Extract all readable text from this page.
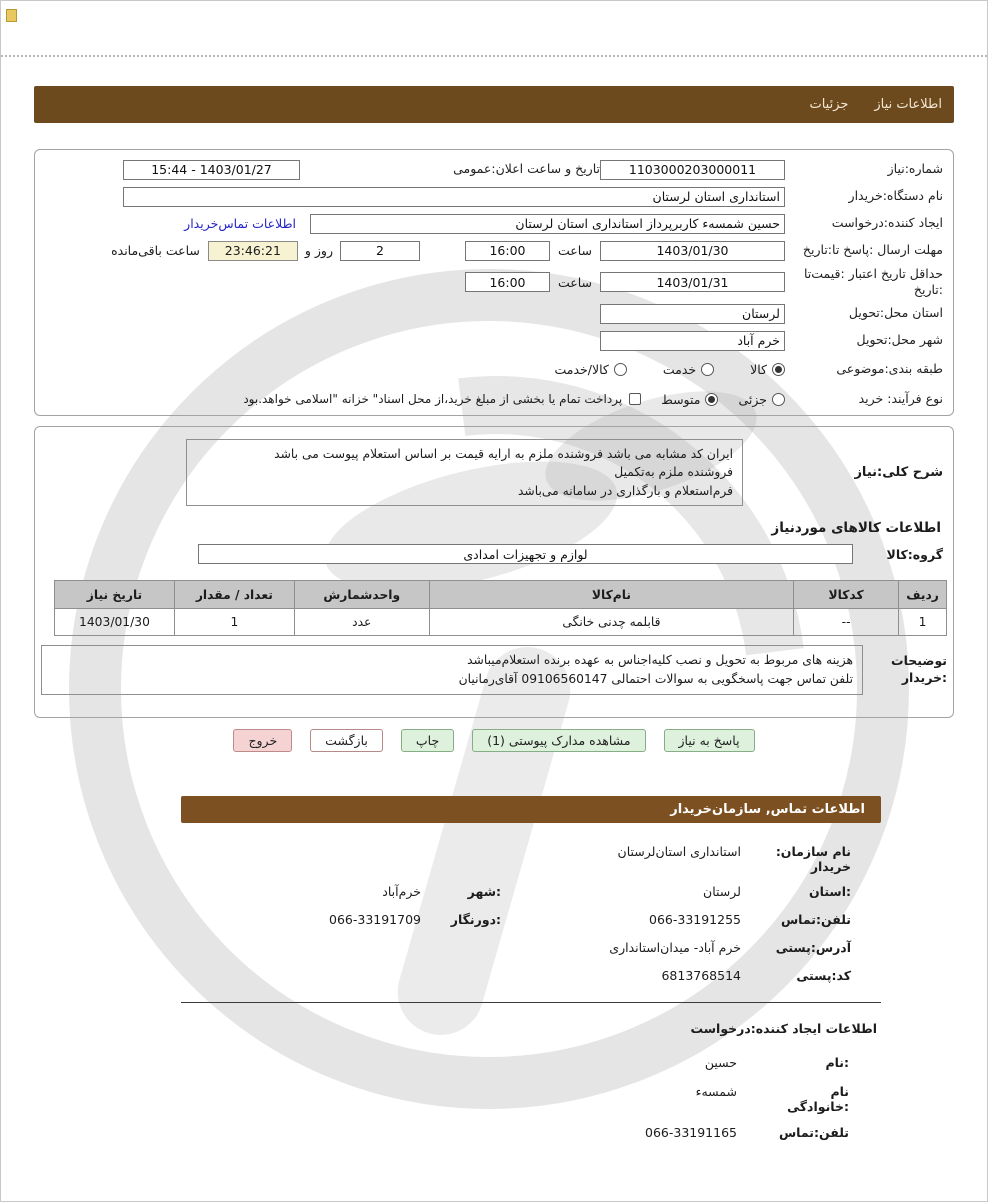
اطلاعات نیاز
جزئیات
شماره:نیاز
1103000203000011
تاریخ و ساعت اعلان:عمومی
15:44 - 1403/01/27
نام دستگاه:خریدار
استانداری استان لرستان
ایجاد کننده:درخواست
حسین شمسهء کاربرپرداز استانداری استان لرستان
اطلاعات تماس‌خریدار
مهلت ارسال :پاسخ تا:تاریخ
1403/01/30
ساعت
16:00
2
روز و
23:46:21
ساعت باقی‌مانده
حداقل تاریخ اعتبار :قیمت‌تا :تاریخ
1403/01/31
ساعت
16:00
استان محل:تحویل
لرستان
شهر محل:تحویل
خرم آباد
طبقه بندی:موضوعی
کالا
خدمت
کالا/خدمت
نوع فرآیند: خرید
جزئی
متوسط
پرداخت تمام یا بخشی از مبلغ خرید،از محل اسناد" خزانه "اسلامی خواهد.بود
شرح کلی:نیاز
ایران کد مشابه می باشد فروشنده ملزم به ارایه قیمت بر اساس استعلام پیوست می باشد
فروشنده ملزم به‌تکمیل
فرم‌استعلام و بارگذاری در سامانه می‌باشد
اطلاعات کالاهای موردنیاز
گروه:کالا
لوازم و تجهیزات امدادی
ردیف	کدکالا	نام‌کالا	واحدشمارش	تعداد / مقدار	تاریخ نیاز
1	--	قابلمه چدنی خانگی	عدد	1	1403/01/30
توضیحات :خریدار
هزینه های مربوط به تحویل و نصب کلیه‌اجناس به عهده برنده استعلام‌میباشد
تلفن تماس جهت پاسخگویی به سوالات احتمالی 09106560147 آقای‌رمانیان
پاسخ به نیاز
مشاهده مدارک پیوستی (1)
چاپ
بازگشت
خروج
اطلاعات تماس, سازمان‌خریدار
نام سازمان: خریدار
استانداری استان‌لرستان
:استان
لرستان
:شهر
خرم‌آباد
تلفن:تماس
066-33191255
:دورنگار
066-33191709
آدرس:پستی
خرم آباد- میدان‌استانداری
کد:پستی
6813768514
اطلاعات ایجاد کننده:درخواست
:نام
حسین
نام :خانوادگی
شمسهء
تلفن:تماس
066-33191165
